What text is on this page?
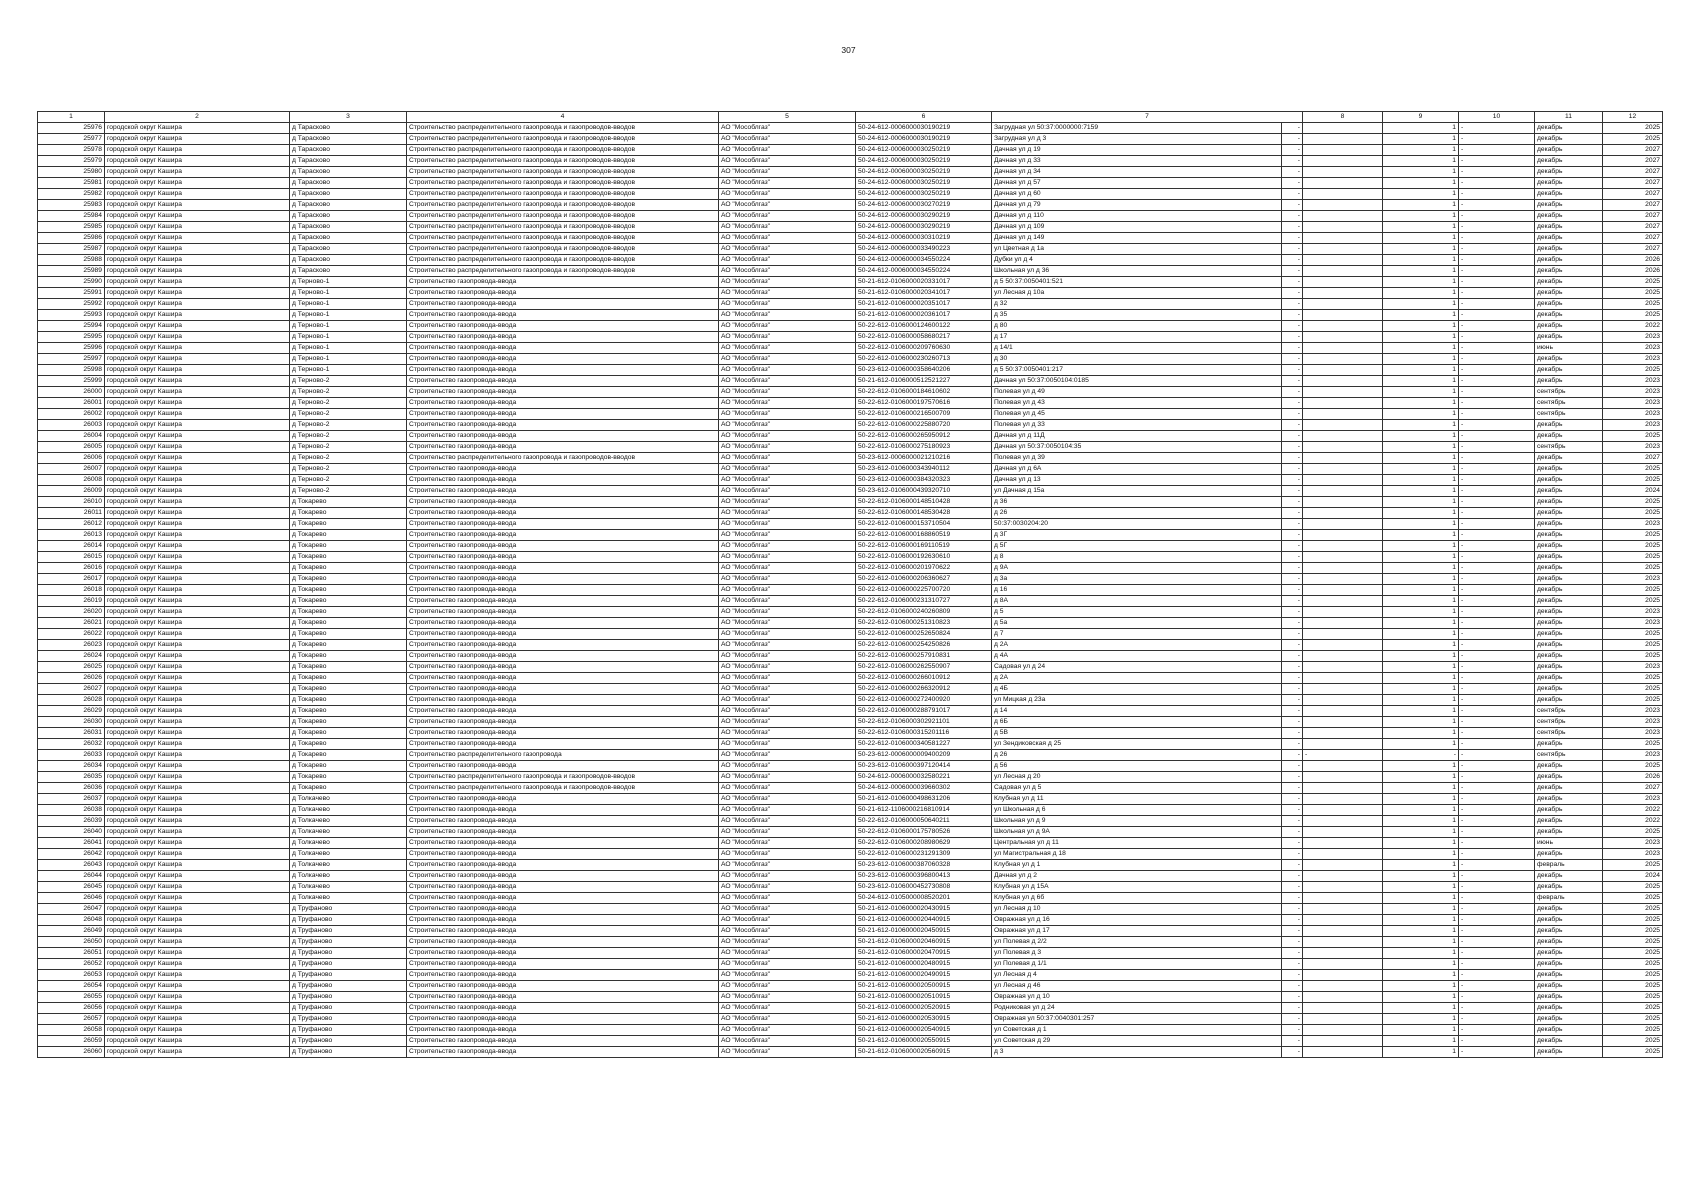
307
1	2	3	4	5	6	7		8	9	10	11	12
25976	городской округ Кашира	д Тарасково	Строительство распределительного газопровода и газопроводов-вводов	АО "Мособлгаз"	50-24-612-0006000030190219	Загрудная ул 50:37:0000000:7159	-		1	-	декабрь	2025
25977	городской округ Кашира	д Тарасково	Строительство распределительного газопровода и газопроводов-вводов	АО "Мособлгаз"	50-24-612-0006000030190219	Загрудная ул д 3	-		1	-	декабрь	2025
25978	городской округ Кашира	д Тарасково	Строительство распределительного газопровода и газопроводов-вводов	АО "Мособлгаз"	50-24-612-0006000030250219	Дачная ул д 19	-		1	-	декабрь	2027
25979	городской округ Кашира	д Тарасково	Строительство распределительного газопровода и газопроводов-вводов	АО "Мособлгаз"	50-24-612-0006000030250219	Дачная ул д 33	-		1	-	декабрь	2027
25980	городской округ Кашира	д Тарасково	Строительство распределительного газопровода и газопроводов-вводов	АО "Мособлгаз"	50-24-612-0006000030250219	Дачная ул д 34	-		1	-	декабрь	2027
25981	городской округ Кашира	д Тарасково	Строительство распределительного газопровода и газопроводов-вводов	АО "Мособлгаз"	50-24-612-0006000030250219	Дачная ул д 57	-		1	-	декабрь	2027
25982	городской округ Кашира	д Тарасково	Строительство распределительного газопровода и газопроводов-вводов	АО "Мособлгаз"	50-24-612-0006000030250219	Дачная ул д 60	-		1	-	декабрь	2027
25983	городской округ Кашира	д Тарасково	Строительство распределительного газопровода и газопроводов-вводов	АО "Мособлгаз"	50-24-612-0006000030270219	Дачная ул д 79	-		1	-	декабрь	2027
25984	городской округ Кашира	д Тарасково	Строительство распределительного газопровода и газопроводов-вводов	АО "Мособлгаз"	50-24-612-0006000030290219	Дачная ул д 110	-		1	-	декабрь	2027
25985	городской округ Кашира	д Тарасково	Строительство распределительного газопровода и газопроводов-вводов	АО "Мособлгаз"	50-24-612-0006000030290219	Дачная ул д 109	-		1	-	декабрь	2027
25986	городской округ Кашира	д Тарасково	Строительство распределительного газопровода и газопроводов-вводов	АО "Мособлгаз"	50-24-612-0006000030310219	Дачная ул д 149	-		1	-	декабрь	2027
25987	городской округ Кашира	д Тарасково	Строительство распределительного газопровода и газопроводов-вводов	АО "Мособлгаз"	50-24-612-0006000033490223	ул Цветная д 1а	-		1	-	декабрь	2027
25988	городской округ Кашира	д Тарасково	Строительство распределительного газопровода и газопроводов-вводов	АО "Мособлгаз"	50-24-612-0006000034550224	Дубки ул д 4	-		1	-	декабрь	2026
25989	городской округ Кашира	д Тарасково	Строительство распределительного газопровода и газопроводов-вводов	АО "Мособлгаз"	50-24-612-0006000034550224	Школьная ул д 36	-		1	-	декабрь	2026
25990	городской округ Кашира	д Терново-1	Строительство газопровода-ввода	АО "Мособлгаз"	50-21-612-0106000020331017	д 5 50:37:0050401:521	-		1	-	декабрь	2025
25991	городской округ Кашира	д Терново-1	Строительство газопровода-ввода	АО "Мособлгаз"	50-21-612-0106000020341017	ул Лесная д 10а	-		1	-	декабрь	2025
25992	городской округ Кашира	д Терново-1	Строительство газопровода-ввода	АО "Мособлгаз"	50-21-612-0106000020351017	д 32	-		1	-	декабрь	2025
25993	городской округ Кашира	д Терново-1	Строительство газопровода-ввода	АО "Мособлгаз"	50-21-612-0106000020361017	д 35	-		1	-	декабрь	2025
25994	городской округ Кашира	д Терново-1	Строительство газопровода-ввода	АО "Мособлгаз"	50-22-612-0106000124600122	д 80	-		1	-	декабрь	2022
25995	городской округ Кашира	д Терново-1	Строительство газопровода-ввода	АО "Мособлгаз"	50-22-612-0106000058680217	д 17	-		1	-	декабрь	2023
25996	городской округ Кашира	д Терново-1	Строительство газопровода-ввода	АО "Мособлгаз"	50-22-612-0106000209760630	д 14/1	-		1	-	июнь	2023
25997	городской округ Кашира	д Терново-1	Строительство газопровода-ввода	АО "Мособлгаз"	50-22-612-0106000230260713	д 30	-		1	-	декабрь	2023
25998	городской округ Кашира	д Терново-1	Строительство газопровода-ввода	АО "Мособлгаз"	50-23-612-0106000358640206	д 5 50:37:0050401:217	-		1	-	декабрь	2025
25999	городской округ Кашира	д Терново-2	Строительство газопровода-ввода	АО "Мособлгаз"	50-21-612-0106000512521227	Дачная ул 50:37:0050104:0185	-		1	-	декабрь	2023
26000	городской округ Кашира	д Терново-2	Строительство газопровода-ввода	АО "Мособлгаз"	50-22-612-0106000184610602	Полевая ул д 49	-		1	-	сентябрь	2023
26001	городской округ Кашира	д Терново-2	Строительство газопровода-ввода	АО "Мособлгаз"	50-22-612-0106000197570616	Полевая ул д 43	-		1	-	сентябрь	2023
26002	городской округ Кашира	д Терново-2	Строительство газопровода-ввода	АО "Мособлгаз"	50-22-612-0106000216500709	Полевая ул д 45	-		1	-	сентябрь	2023
26003	городской округ Кашира	д Терново-2	Строительство газопровода-ввода	АО "Мособлгаз"	50-22-612-0106000225880720	Полевая ул д 33	-		1	-	декабрь	2023
26004	городской округ Кашира	д Терново-2	Строительство газопровода-ввода	АО "Мособлгаз"	50-22-612-0106000265950912	Дачная ул д 11Д	-		1	-	декабрь	2025
26005	городской округ Кашира	д Терново-2	Строительство газопровода-ввода	АО "Мособлгаз"	50-22-612-0106000275180923	Дачная ул 50:37:0050104:35	-		1	-	сентябрь	2023
26006	городской округ Кашира	д Терново-2	Строительство распределительного газопровода и газопроводов-вводов	АО "Мособлгаз"	50-23-612-0006000021210216	Полевая ул д 39	-		1	-	декабрь	2027
26007	городской округ Кашира	д Терново-2	Строительство газопровода-ввода	АО "Мособлгаз"	50-23-612-0106000343940112	Дачная ул д 6А	-		1	-	декабрь	2025
26008	городской округ Кашира	д Терново-2	Строительство газопровода-ввода	АО "Мособлгаз"	50-23-612-0106000384320323	Дачная ул д 13	-		1	-	декабрь	2025
26009	городской округ Кашира	д Терново-2	Строительство газопровода-ввода	АО "Мособлгаз"	50-23-612-0106000439320710	ул Дачная д 15а	-		1	-	декабрь	2024
26010	городской округ Кашира	д Токарево	Строительство газопровода-ввода	АО "Мособлгаз"	50-22-612-0106000148510428	д 36	-		1	-	декабрь	2025
26011	городской округ Кашира	д Токарево	Строительство газопровода-ввода	АО "Мособлгаз"	50-22-612-0106000148530428	д 26	-		1	-	декабрь	2025
26012	городской округ Кашира	д Токарево	Строительство газопровода-ввода	АО "Мособлгаз"	50-22-612-0106000153710504	50:37:0030204:20	-		1	-	декабрь	2023
26013	городской округ Кашира	д Токарево	Строительство газопровода-ввода	АО "Мособлгаз"	50-22-612-0106000168860519	д 3Г	-		1	-	декабрь	2025
26014	городской округ Кашира	д Токарево	Строительство газопровода-ввода	АО "Мособлгаз"	50-22-612-0106000169110519	д 5Г	-		1	-	декабрь	2025
26015	городской округ Кашира	д Токарево	Строительство газопровода-ввода	АО "Мособлгаз"	50-22-612-0106000192630610	д 8	-		1	-	декабрь	2025
26016	городской округ Кашира	д Токарево	Строительство газопровода-ввода	АО "Мособлгаз"	50-22-612-0106000201970622	д 9А	-		1	-	декабрь	2025
26017	городской округ Кашира	д Токарево	Строительство газопровода-ввода	АО "Мособлгаз"	50-22-612-0106000206360627	д 3а	-		1	-	декабрь	2023
26018	городской округ Кашира	д Токарево	Строительство газопровода-ввода	АО "Мособлгаз"	50-22-612-0106000225700720	д 16	-		1	-	декабрь	2025
26019	городской округ Кашира	д Токарево	Строительство газопровода-ввода	АО "Мособлгаз"	50-22-612-0106000231310727	д 8А	-		1	-	декабрь	2025
26020	городской округ Кашира	д Токарево	Строительство газопровода-ввода	АО "Мособлгаз"	50-22-612-0106000240260809	д 5	-		1	-	декабрь	2023
26021	городской округ Кашира	д Токарево	Строительство газопровода-ввода	АО "Мособлгаз"	50-22-612-0106000251310823	д 5а	-		1	-	декабрь	2023
26022	городской округ Кашира	д Токарево	Строительство газопровода-ввода	АО "Мособлгаз"	50-22-612-0106000252650824	д 7	-		1	-	декабрь	2025
26023	городской округ Кашира	д Токарево	Строительство газопровода-ввода	АО "Мособлгаз"	50-22-612-0106000254250826	д 2А	-		1	-	декабрь	2025
26024	городской округ Кашира	д Токарево	Строительство газопровода-ввода	АО "Мособлгаз"	50-22-612-0106000257910831	д 4А	-		1	-	декабрь	2025
26025	городской округ Кашира	д Токарево	Строительство газопровода-ввода	АО "Мособлгаз"	50-22-612-0106000262550907	Садовая ул д 24	-		1	-	декабрь	2023
26026	городской округ Кашира	д Токарево	Строительство газопровода-ввода	АО "Мособлгаз"	50-22-612-0106000266010912	д 2А	-		1	-	декабрь	2025
26027	городской округ Кашира	д Токарево	Строительство газопровода-ввода	АО "Мособлгаз"	50-22-612-0106000266320912	д 4Б	-		1	-	декабрь	2025
26028	городской округ Кашира	д Токарево	Строительство газопровода-ввода	АО "Мособлгаз"	50-22-612-0106000272400920	ул Мицкая д 23а	-		1	-	декабрь	2025
26029	городской округ Кашира	д Токарево	Строительство газопровода-ввода	АО "Мособлгаз"	50-22-612-0106000288791017	д 14	-		1	-	сентябрь	2023
26030	городской округ Кашира	д Токарево	Строительство газопровода-ввода	АО "Мособлгаз"	50-22-612-0106000302921101	д 6Б	-		1	-	сентябрь	2023
26031	городской округ Кашира	д Токарево	Строительство газопровода-ввода	АО "Мособлгаз"	50-22-612-0106000315201116	д 5В	-		1	-	сентябрь	2023
26032	городской округ Кашира	д Токарево	Строительство газопровода-ввода	АО "Мособлгаз"	50-22-612-0106000340581227	ул Зендиковская д 25	-		1	-	декабрь	2025
26033	городской округ Кашира	д Токарево	Строительство распределительного газопровода	АО "Мособлгаз"	50-23-612-0006000009400209	д 26	-	-	-	-	сентябрь	2023
26034	городской округ Кашира	д Токарево	Строительство газопровода-ввода	АО "Мособлгаз"	50-23-612-0106000397120414	д 56	-		1	-	декабрь	2025
26035	городской округ Кашира	д Токарево	Строительство распределительного газопровода и газопроводов-вводов	АО "Мособлгаз"	50-24-612-0006000032580221	ул Лесная д 20	-		1	-	декабрь	2026
26036	городской округ Кашира	д Токарево	Строительство распределительного газопровода и газопроводов-вводов	АО "Мособлгаз"	50-24-612-0006000039660302	Садовая ул д 5	-		1	-	декабрь	2027
26037	городской округ Кашира	д Толкачево	Строительство газопровода-ввода	АО "Мособлгаз"	50-21-612-0106000498631206	Клубная ул д 11	-		1	-	декабрь	2023
26038	городской округ Кашира	д Толкачево	Строительство газопровода-ввода	АО "Мособлгаз"	50-21-612-1106000216810914	ул Школьная д 6	-		1	-	декабрь	2022
26039	городской округ Кашира	д Толкачево	Строительство газопровода-ввода	АО "Мособлгаз"	50-22-612-0106000050640211	Школьная ул д 9	-		1	-	декабрь	2022
26040	городской округ Кашира	д Толкачево	Строительство газопровода-ввода	АО "Мособлгаз"	50-22-612-0106000175780526	Школьная ул д 9А	-		1	-	декабрь	2025
26041	городской округ Кашира	д Толкачево	Строительство газопровода-ввода	АО "Мособлгаз"	50-22-612-0106000208980629	Центральная ул д 11	-		1	-	июнь	2023
26042	городской округ Кашира	д Толкачево	Строительство газопровода-ввода	АО "Мособлгаз"	50-22-612-0106000231291309	ул Магистральная д 18	-		1	-	декабрь	2023
26043	городской округ Кашира	д Толкачево	Строительство газопровода-ввода	АО "Мособлгаз"	50-23-612-0106000387060328	Клубная ул д 1	-		1	-	февраль	2025
26044	городской округ Кашира	д Толкачево	Строительство газопровода-ввода	АО "Мособлгаз"	50-23-612-0106000396800413	Дачная ул д 2	-		1	-	декабрь	2024
26045	городской округ Кашира	д Толкачево	Строительство газопровода-ввода	АО "Мособлгаз"	50-23-612-0106000452730808	Клубная ул д 15А	-		1	-	декабрь	2025
26046	городской округ Кашира	д Толкачево	Строительство газопровода-ввода	АО "Мособлгаз"	50-24-612-0105000008520201	Клубная ул д 6б	-		1	-	февраль	2025
26047	городской округ Кашира	д Труфаново	Строительство газопровода-ввода	АО "Мособлгаз"	50-21-612-0106000020430915	ул Лесная д 10	-		1	-	декабрь	2025
26048	городской округ Кашира	д Труфаново	Строительство газопровода-ввода	АО "Мособлгаз"	50-21-612-0106000020440915	Овражная ул д 16	-		1	-	декабрь	2025
26049	городской округ Кашира	д Труфаново	Строительство газопровода-ввода	АО "Мособлгаз"	50-21-612-0106000020450915	Овражная ул д 17	-		1	-	декабрь	2025
26050	городской округ Кашира	д Труфаново	Строительство газопровода-ввода	АО "Мособлгаз"	50-21-612-0106000020460915	ул Полевая д 2/2	-		1	-	декабрь	2025
26051	городской округ Кашира	д Труфаново	Строительство газопровода-ввода	АО "Мособлгаз"	50-21-612-0106000020470915	ул Полевая д 3	-		1	-	декабрь	2025
26052	городской округ Кашира	д Труфаново	Строительство газопровода-ввода	АО "Мособлгаз"	50-21-612-0106000020480915	ул Полевая д 1/1	-		1	-	декабрь	2025
26053	городской округ Кашира	д Труфаново	Строительство газопровода-ввода	АО "Мособлгаз"	50-21-612-0106000020490915	ул Лесная д 4	-		1	-	декабрь	2025
26054	городской округ Кашира	д Труфаново	Строительство газопровода-ввода	АО "Мособлгаз"	50-21-612-0106000020500915	ул Лесная д 46	-		1	-	декабрь	2025
26055	городской округ Кашира	д Труфаново	Строительство газопровода-ввода	АО "Мособлгаз"	50-21-612-0106000020510915	Овражная ул д 10	-		1	-	декабрь	2025
26056	городской округ Кашира	д Труфаново	Строительство газопровода-ввода	АО "Мособлгаз"	50-21-612-0106000020520915	Родниковая ул д 24	-		1	-	декабрь	2025
26057	городской округ Кашира	д Труфаново	Строительство газопровода-ввода	АО "Мособлгаз"	50-21-612-0106000020530915	Овражная ул 50:37:0040301:257	-		1	-	декабрь	2025
26058	городской округ Кашира	д Труфаново	Строительство газопровода-ввода	АО "Мособлгаз"	50-21-612-0106000020540915	ул Советская д 1	-		1	-	декабрь	2025
26059	городской округ Кашира	д Труфаново	Строительство газопровода-ввода	АО "Мособлгаз"	50-21-612-0106000020550915	ул Советская д 29	-		1	-	декабрь	2025
26060	городской округ Кашира	д Труфаново	Строительство газопровода-ввода	АО "Мособлгаз"	50-21-612-0106000020560915	д 3	-		1	-	декабрь	2025
